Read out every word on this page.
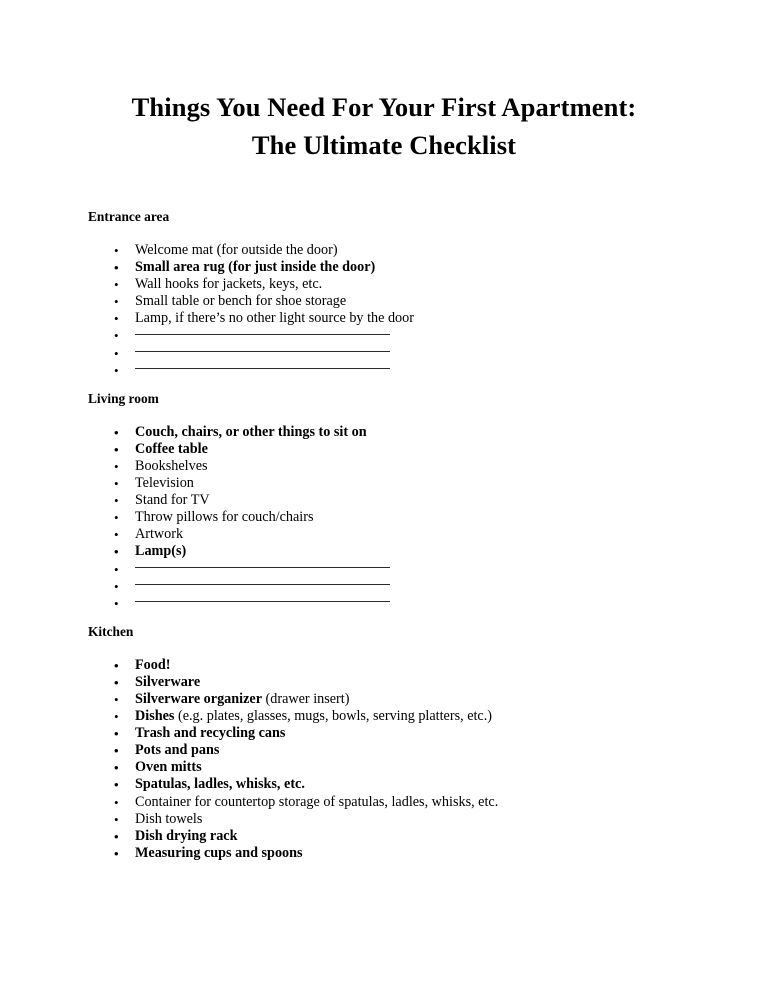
Things You Need For Your First Apartment:
The Ultimate Checklist
Entrance area
• Welcome mat (for outside the door)
• Small area rug (for just inside the door)
• Wall hooks for jackets, keys, etc.
• Small table or bench for shoe storage
• Lamp, if there’s no other light source by the door
•
•
•
Living room
• Couch, chairs, or other things to sit on
• Coffee table
• Bookshelves
• Television
• Stand for TV
• Throw pillows for couch/chairs
• Artwork
• Lamp(s)
•
•
•
Kitchen
• Food!
• Silverware
• Silverware organizer (drawer insert)
• Dishes (e.g. plates, glasses, mugs, bowls, serving platters, etc.)
• Trash and recycling cans
• Pots and pans
• Oven mitts
• Spatulas, ladles, whisks, etc.
• Container for countertop storage of spatulas, ladles, whisks, etc.
• Dish towels
• Dish drying rack
• Measuring cups and spoons
